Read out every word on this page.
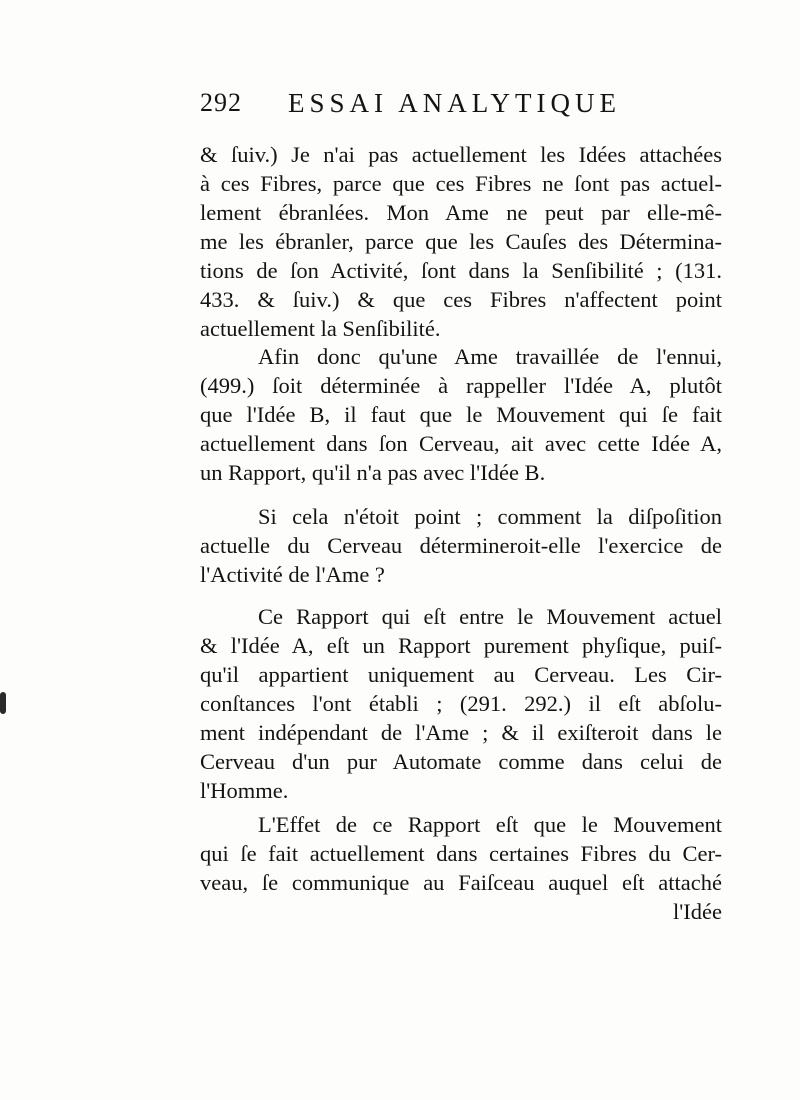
292 ESSAI ANALYTIQUE
& ſuiv.) Je n'ai pas actuellement les Idées attachées
à ces Fibres, parce que ces Fibres ne ſont pas actuel-
lement ébranlées. Mon Ame ne peut par elle-mê-
me les ébranler, parce que les Cauſes des Détermina-
tions de ſon Activité, ſont dans la Senſibilité ; (131.
433. & ſuiv.) & que ces Fibres n'affectent point
actuellement la Senſibilité.
Afin donc qu'une Ame travaillée de l'ennui,
(499.) ſoit déterminée à rappeller l'Idée A, plutôt
que l'Idée B, il faut que le Mouvement qui ſe fait
actuellement dans ſon Cerveau, ait avec cette Idée A,
un Rapport, qu'il n'a pas avec l'Idée B.
Si cela n'étoit point ; comment la diſpoſition
actuelle du Cerveau détermineroit-elle l'exercice de
l'Activité de l'Ame ?
Ce Rapport qui eſt entre le Mouvement actuel
& l'Idée A, eſt un Rapport purement phyſique, puiſ-
qu'il appartient uniquement au Cerveau. Les Cir-
conſtances l'ont établi ; (291. 292.) il eſt abſolu-
ment indépendant de l'Ame ; & il exiſteroit dans le
Cerveau d'un pur Automate comme dans celui de
l'Homme.
L'Effet de ce Rapport eſt que le Mouvement
qui ſe fait actuellement dans certaines Fibres du Cer-
veau, ſe communique au Faiſceau auquel eſt attaché
l'Idée
